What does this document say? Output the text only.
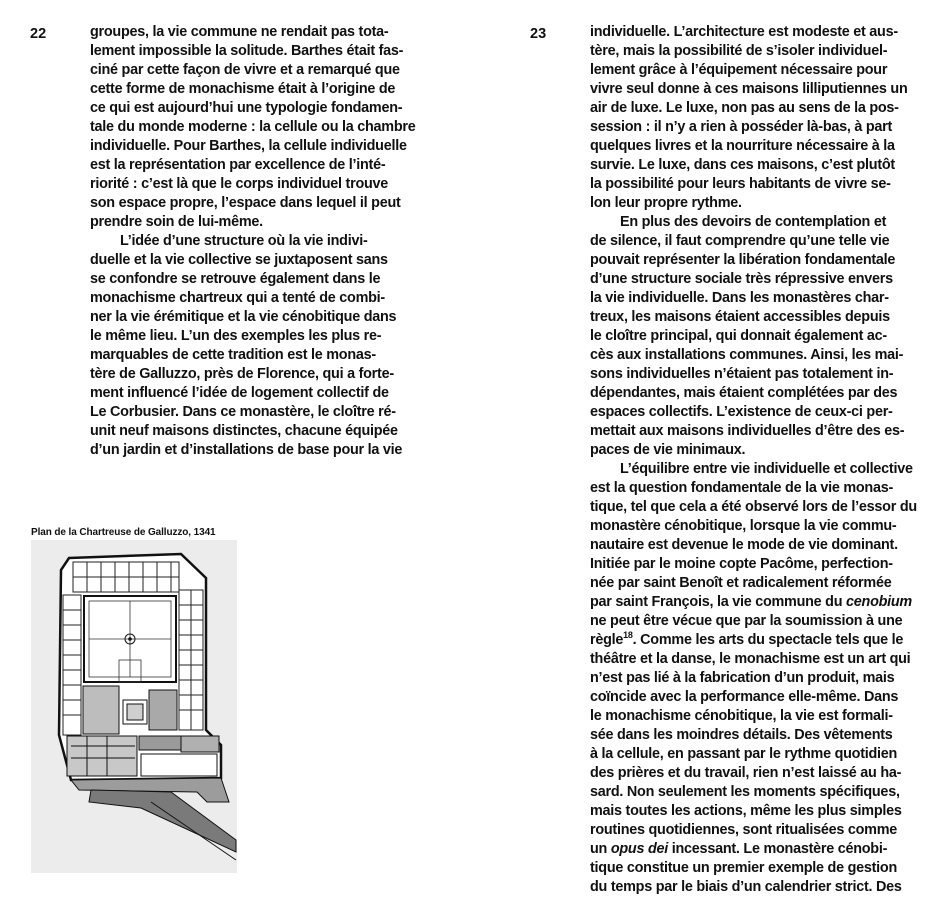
22	groupes, la vie commune ne rendait pas tota-
lement impossible la solitude. Barthes était fas-
ciné par cette façon de vivre et a remarqué que
cette forme de monachisme était à l’origine de
ce qui est aujourd’hui une typologie fondamen-
tale du monde moderne : la cellule ou la chambre
individuelle. Pour Barthes, la cellule individuelle
est la représentation par excellence de l’inté-
riorité : c’est là que le corps individuel trouve
son espace propre, l’espace dans lequel il peut
prendre soin de lui-même.
L’idée d’une structure où la vie indivi-
duelle et la vie collective se juxtaposent sans
se confondre se retrouve également dans le
monachisme chartreux qui a tenté de combi-
ner la vie érémitique et la vie cénobitique dans
le même lieu. L’un des exemples les plus re-
marquables de cette tradition est le monas-
tère de Galluzzo, près de Florence, qui a forte-
ment influencé l’idée de logement collectif de
Le Corbusier. Dans ce monastère, le cloître ré-
unit neuf maisons distinctes, chacune équipée
d’un jardin et d’installations de base pour la vie
23	individuelle. L’architecture est modeste et aus-
tère, mais la possibilité de s’isoler individuel-
lement grâce à l’équipement nécessaire pour
vivre seul donne à ces maisons lilliputiennes un
air de luxe. Le luxe, non pas au sens de la pos-
session : il n’y a rien à posséder là-bas, à part
quelques livres et la nourriture nécessaire à la
survie. Le luxe, dans ces maisons, c’est plutôt
la possibilité pour leurs habitants de vivre se-
lon leur propre rythme.
En plus des devoirs de contemplation et
de silence, il faut comprendre qu’une telle vie
pouvait représenter la libération fondamentale
d’une structure sociale très répressive envers
la vie individuelle. Dans les monastères char-
treux, les maisons étaient accessibles depuis
le cloître principal, qui donnait également ac-
cès aux installations communes. Ainsi, les mai-
sons individuelles n’étaient pas totalement in-
dépendantes, mais étaient complétées par des
espaces collectifs. L’existence de ceux-ci per-
mettait aux maisons individuelles d’être des es-
paces de vie minimaux.
L’équilibre entre vie individuelle et collective
est la question fondamentale de la vie monas-
tique, tel que cela a été observé lors de l’essor du
monastère cénobitique, lorsque la vie commu-
nautaire est devenue le mode de vie dominant.
Initiée par le moine copte Pacôme, perfection-
née par saint Benoît et radicalement réformée
par saint François, la vie commune du cenobium
ne peut être vécue que par la soumission à une
règle$^{18}$. Comme les arts du spectacle tels que le
théâtre et la danse, le monachisme est un art qui
n’est pas lié à la fabrication d’un produit, mais
coïncide avec la performance elle-même. Dans
le monachisme cénobitique, la vie est formali-
sée dans les moindres détails. Des vêtements
à la cellule, en passant par le rythme quotidien
des prières et du travail, rien n’est laissé au ha-
sard. Non seulement les moments spécifiques,
mais toutes les actions, même les plus simples
routines quotidiennes, sont ritualisées comme
un opus dei incessant. Le monastère cénobi-
tique constitue un premier exemple de gestion
du temps par le biais d’un calendrier strict. Des
Plan de la Chartreuse de Galluzzo, 1341
